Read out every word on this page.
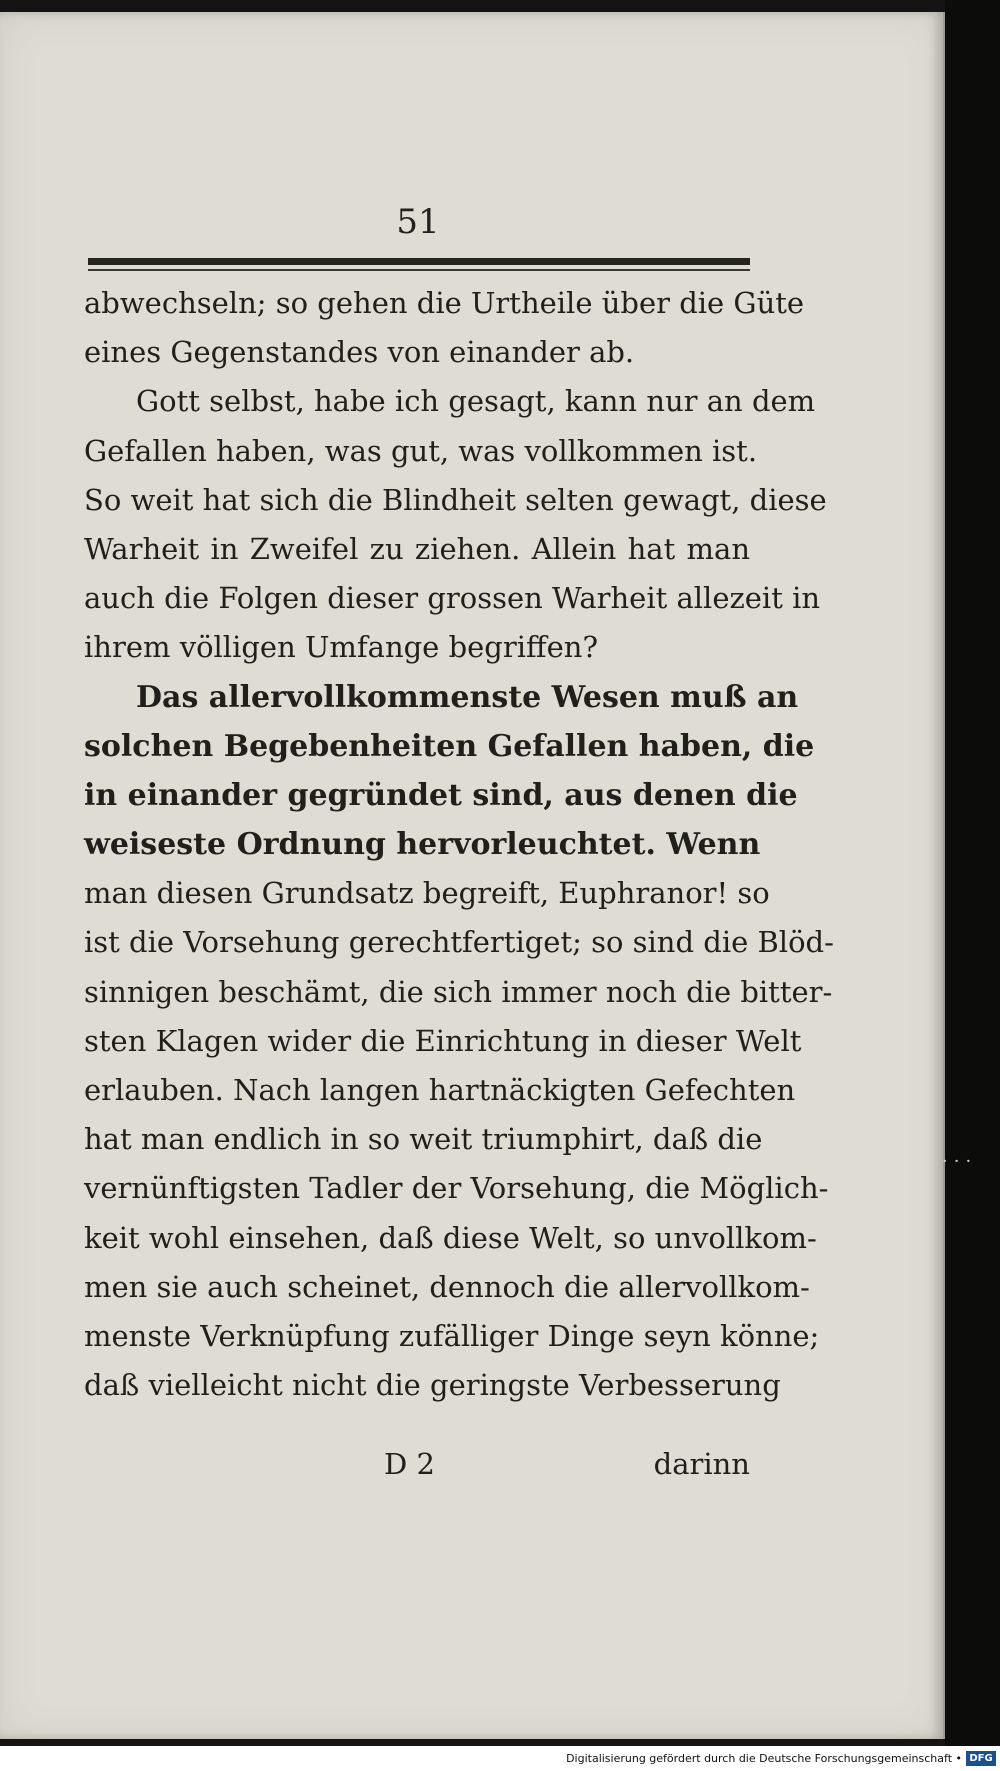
51
abwechseln; so gehen die Urtheile über die Güte
eines Gegenstandes von einander ab.
Gott selbst, habe ich gesagt, kann nur an dem
Gefallen haben, was gut, was vollkommen ist.
So weit hat sich die Blindheit selten gewagt, diese
Warheit in Zweifel zu ziehen. Allein hat man
auch die Folgen dieser grossen Warheit allezeit in
ihrem völligen Umfange begriffen?
Das allervollkommenste Wesen muß an
solchen Begebenheiten Gefallen haben, die
in einander gegründet sind, aus denen die
weiseste Ordnung hervorleuchtet. Wenn
man diesen Grundsatz begreift, Euphranor! so
ist die Vorsehung gerechtfertiget; so sind die Blöd-
sinnigen beschämt, die sich immer noch die bitter-
sten Klagen wider die Einrichtung in dieser Welt
erlauben. Nach langen hartnäckigten Gefechten
hat man endlich in so weit triumphirt, daß die
vernünftigsten Tadler der Vorsehung, die Möglich-
keit wohl einsehen, daß diese Welt, so unvollkom-
men sie auch scheinet, dennoch die allervollkom-
menste Verknüpfung zufälliger Dinge seyn könne;
daß vielleicht nicht die geringste Verbesserung
D 2	darinn
···
Digitalisierung gefördert durch die Deutsche Forschungsgemeinschaft • DFG
